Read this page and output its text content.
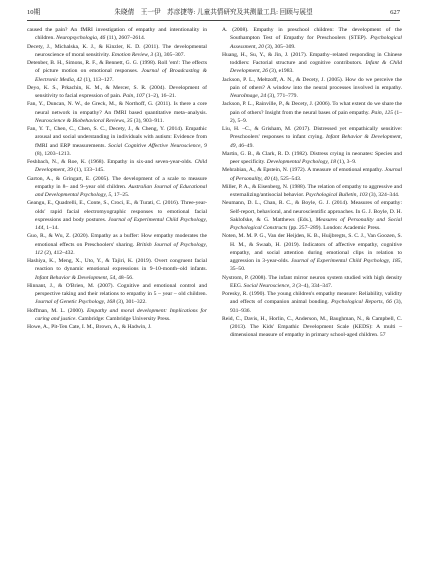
10期	朱晓倩　王一伊　苏彦捷等: 儿童共情研究及其测量工具: 回顾与展望	627

caused the pain? An fMRI investigation of empathy and intentionality in children. Neuropsychologia, 46 (11), 2607–2614.

Decety, J., Michalska, K. J., & Kinzler, K. D. (2011). The developmental neuroscience of moral sensitivity. Emotion Review, 3 (3), 305–307.

Detenber, B. H., Simons, R. F., & Bennett, G. G. (1998). Roll 'em!: The effects of picture motion on emotional responses. Journal of Broadcasting & Electronic Media, 42 (1), 113–127.

Deyo, K. S., Prkachin, K. M., & Mercer, S. R. (2004). Development of sensitivity to facial expression of pain. Pain, 107 (1–2), 16–21.

Fan, Y., Duncan, N. W., de Greck, M., & Northoff, G. (2011). Is there a core neural network in empathy? An fMRI based quantitative meta–analysis. Neuroscience & Biobehavioral Reviews, 35 (3), 903–911.

Fan, Y. T., Chen, C., Chen, S. C., Decety, J., & Cheng, Y. (2014). Empathic arousal and social understanding in individuals with autism: Evidence from fMRI and ERP measurements. Social Cognitive Affective Neuroscience, 9 (8), 1203–1213.

Feshbach, N., & Roe, K. (1968). Empathy in six-and seven-year-olds. Child Development, 39 (1), 133–145.

Garton, A., & Gringart, E. (2005). The development of a scale to measure empathy in 8– and 9–year old children. Australian Journal of Educational and Developmental Psychology, 5, 17–25.

Geangu, E., Quadrelli, E., Conte, S., Croci, E., & Turati, C. (2016). Three-year-olds' rapid facial electromyographic responses to emotional facial expressions and body postures. Journal of Experimental Child Psychology, 144, 1–14.

Guo, R., & Wu, Z. (2020). Empathy as a buffer: How empathy moderates the emotional effects on Preschoolers' sharing. British Journal of Psychology, 112 (2), 412–432.

Hashiya, K., Meng, X., Uto, Y., & Tajiri, K. (2019). Overt congruent facial reaction to dynamic emotional expressions in 9–10-month–old infants. Infant Behavior & Development, 54, 48–56.

Hinnant, J., & O'Brien, M. (2007). Cognitive and emotional control and perspective taking and their relations to empathy in 5 – year – old children. Journal of Genetic Psychology, 168 (3), 301–322.

Hoffman, M. L. (2000). Empathy and moral development: Implications for caring and justice. Cambridge: Cambridge University Press.

Howe, A., Pit-Ten Cate, I. M., Brown, A., & Hadwin, J.

A. (2008). Empathy in preschool children: The development of the Southampton Test of Empathy for Preschoolers (STEP). Psychological Assessment, 20 (3), 305–309.

Huang, H., Su, Y., & Jin, J. (2017). Empathy–related responding in Chinese toddlers: Factorial structure and cognitive contributors. Infant & Child Development, 26 (3), e1983.

Jackson, P. L., Meltzoff, A. N., & Decety, J. (2005). How do we perceive the pain of others? A window into the neural processes involved in empathy. NeuroImage, 24 (3), 771–779.

Jackson, P. L., Rainville, P., & Decety, J. (2006). To what extent do we share the pain of others? Insight from the neural bases of pain empathy. Pain, 125 (1–2), 5–9.

Liu, H. –C., & Grisham, M. (2017). Distressed yet empathically sensitive: Preschoolers' responses to infant crying. Infant Behavior & Development, 49, 46–49.

Martin, G. B., & Clark, R. D. (1982). Distress crying in neonates: Species and peer specificity. Developmental Psychology, 18 (1), 3–9.

Mehrabian, A., & Epstein, N. (1972). A measure of emotional empathy. Journal of Personality, 40 (4), 525–543.

Miller, P. A., & Eisenberg, N. (1988). The relation of empathy to aggressive and externalizing/antisocial behavior. Psychological Bulletin, 103 (3), 324–344.

Neumann, D. L., Chan, R. C., & Boyle, G. J. (2014). Measures of empathy: Self-report, behavioral, and neuroscientific approaches. In G. J. Boyle, D. H. Saklofske, & G. Matthews (Eds.), Measures of Personality and Social Psychological Constructs (pp. 257–289). London: Academic Press.

Noten, M. M. P. G., Van der Heijden, K. B., Huijbregts, S. C. J., Van Goozen, S. H. M., & Swaab, H. (2019). Indicators of affective empathy, cognitive empathy, and social attention during emotional clips in relation to aggression in 3-year-olds. Journal of Experimental Child Psychology, 185, 35–50.

Nystrom, P. (2008). The infant mirror neuron system studied with high density EEG. Social Neuroscience, 3 (3–4), 334–347.

Poresky, R. (1990). The young children's empathy measure: Reliability, validity and effects of companion animal bonding. Psychological Reports, 66 (3), 931–936.

Reid, C., Davis, H., Horlin, C., Anderson, M., Baughman, N., & Campbell, C. (2013). The Kids' Empathic Development Scale (KEDS): A multi – dimensional measure of empathy in primary school-aged children. 57
